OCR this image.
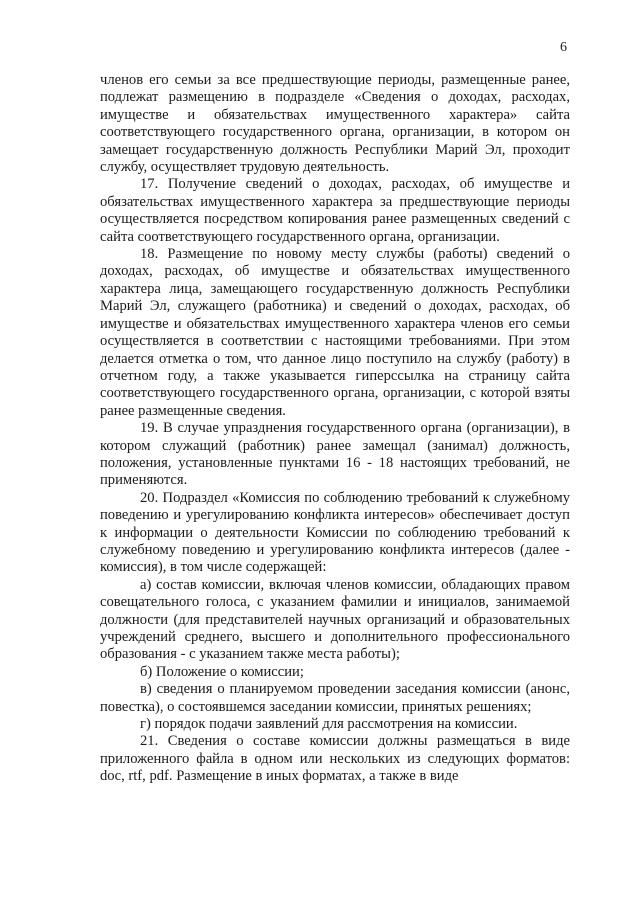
6

членов его семьи за все предшествующие периоды, размещенные ранее, подлежат размещению в подразделе «Сведения о доходах, расходах, имуществе и обязательствах имущественного характера» сайта соответствующего государственного органа, организации, в котором он замещает государственную должность Республики Марий Эл, проходит службу, осуществляет трудовую деятельность.

17. Получение сведений о доходах, расходах, об имуществе и обязательствах имущественного характера за предшествующие периоды осуществляется посредством копирования ранее размещенных сведений с сайта соответствующего государственного органа, организации.

18. Размещение по новому месту службы (работы) сведений о доходах, расходах, об имуществе и обязательствах имущественного характера лица, замещающего государственную должность Республики Марий Эл, служащего (работника) и сведений о доходах, расходах, об имуществе и обязательствах имущественного характера членов его семьи осуществляется в соответствии с настоящими требованиями. При этом делается отметка о том, что данное лицо поступило на службу (работу) в отчетном году, а также указывается гиперссылка на страницу сайта соответствующего государственного органа, организации, с которой взяты ранее размещенные сведения.

19. В случае упразднения государственного органа (организации), в котором служащий (работник) ранее замещал (занимал) должность, положения, установленные пунктами 16 - 18 настоящих требований, не применяются.

20. Подраздел «Комиссия по соблюдению требований к служебному поведению и урегулированию конфликта интересов» обеспечивает доступ к информации о деятельности Комиссии по соблюдению требований к служебному поведению и урегулированию конфликта интересов (далее - комиссия), в том числе содержащей:

а) состав комиссии, включая членов комиссии, обладающих правом совещательного голоса, с указанием фамилии и инициалов, занимаемой должности (для представителей научных организаций и образовательных учреждений среднего, высшего и дополнительного профессионального образования - с указанием также места работы);

б) Положение о комиссии;

в) сведения о планируемом проведении заседания комиссии (анонс, повестка), о состоявшемся заседании комиссии, принятых решениях;

г) порядок подачи заявлений для рассмотрения на комиссии.

21. Сведения о составе комиссии должны размещаться в виде приложенного файла в одном или нескольких из следующих форматов: doc, rtf, pdf. Размещение в иных форматах, а также в виде
